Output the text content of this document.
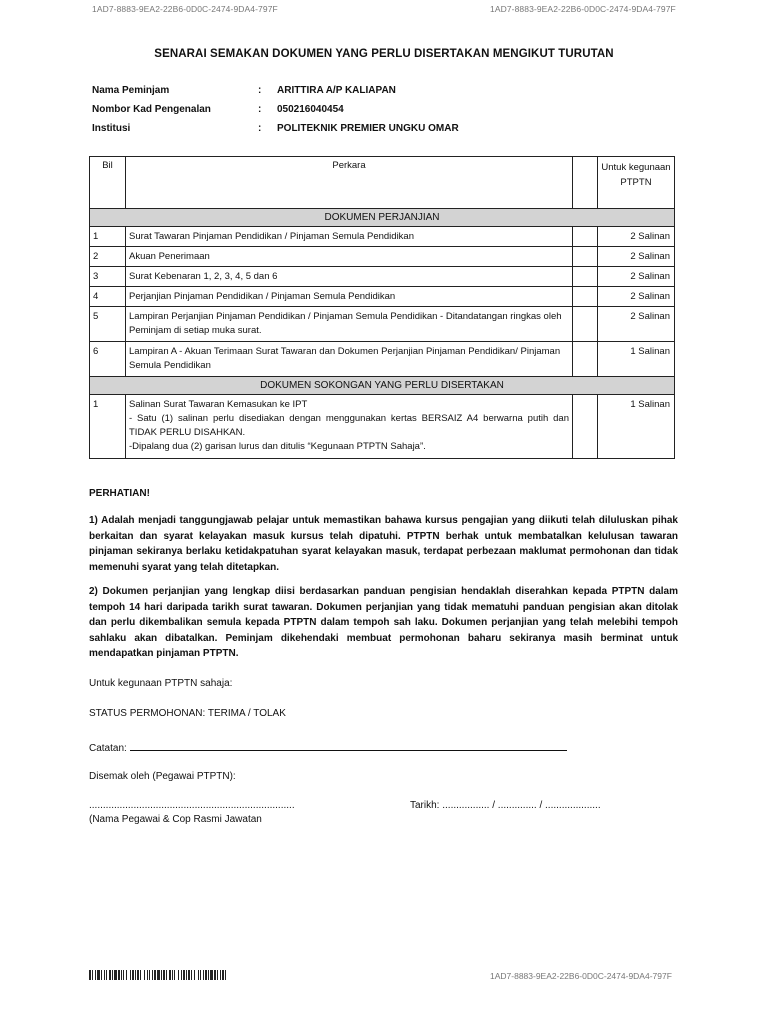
1AD7-8883-9EA2-22B6-0D0C-2474-9DA4-797F	1AD7-8883-9EA2-22B6-0D0C-2474-9DA4-797F
SENARAI SEMAKAN DOKUMEN YANG PERLU DISERTAKAN MENGIKUT TURUTAN
Nama Peminjam	: ARITTIRA A/P KALIAPAN
Nombor Kad Pengenalan	: 050216040454
Institusi	: POLITEKNIK PREMIER UNGKU OMAR
Bil	Perkara		Untuk kegunaan PTPTN
DOKUMEN PERJANJIAN			
1	Surat Tawaran Pinjaman Pendidikan / Pinjaman Semula Pendidikan		2 Salinan
2	Akuan Penerimaan		2 Salinan
3	Surat Kebenaran 1, 2, 3, 4, 5 dan 6		2 Salinan
4	Perjanjian Pinjaman Pendidikan / Pinjaman Semula Pendidikan		2 Salinan
5	Lampiran Perjanjian Pinjaman Pendidikan / Pinjaman Semula Pendidikan - Ditandatangan ringkas oleh Peminjam di setiap muka surat.		2 Salinan
6	Lampiran A - Akuan Terimaan Surat Tawaran dan Dokumen Perjanjian Pinjaman Pendidikan/ Pinjaman Semula Pendidikan		1 Salinan
DOKUMEN SOKONGAN YANG PERLU DISERTAKAN			
1	Salinan Surat Tawaran Kemasukan ke IPT
- Satu (1) salinan perlu disediakan dengan menggunakan kertas BERSAIZ A4 berwarna putih dan TIDAK PERLU DISAHKAN.
-Dipalang dua (2) garisan lurus dan ditulis “Kegunaan PTPTN Sahaja”.		1 Salinan
PERHATIAN!

1) Adalah menjadi tanggungjawab pelajar untuk memastikan bahawa kursus pengajian yang diikuti telah diluluskan pihak berkaitan dan syarat kelayakan masuk kursus telah dipatuhi. PTPTN berhak untuk membatalkan kelulusan tawaran pinjaman sekiranya berlaku ketidakpatuhan syarat kelayakan masuk, terdapat perbezaan maklumat permohonan dan tidak memenuhi syarat yang telah ditetapkan.

2) Dokumen perjanjian yang lengkap diisi berdasarkan panduan pengisian hendaklah diserahkan kepada PTPTN dalam tempoh 14 hari daripada tarikh surat tawaran. Dokumen perjanjian yang tidak mematuhi panduan pengisian akan ditolak dan perlu dikembalikan semula kepada PTPTN dalam tempoh sah laku. Dokumen perjanjian yang telah melebihi tempoh sahlaku akan dibatalkan. Peminjam dikehendaki membuat permohonan baharu sekiranya masih berminat untuk mendapatkan pinjaman PTPTN.

Untuk kegunaan PTPTN sahaja:
STATUS PERMOHONAN: TERIMA / TOLAK
Catatan:
Disemak oleh (Pegawai PTPTN):
..........................................................................	Tarikh: ................. / .............. / ....................
(Nama Pegawai & Cop Rasmi Jawatan
1AD7-8883-9EA2-22B6-0D0C-2474-9DA4-797F
